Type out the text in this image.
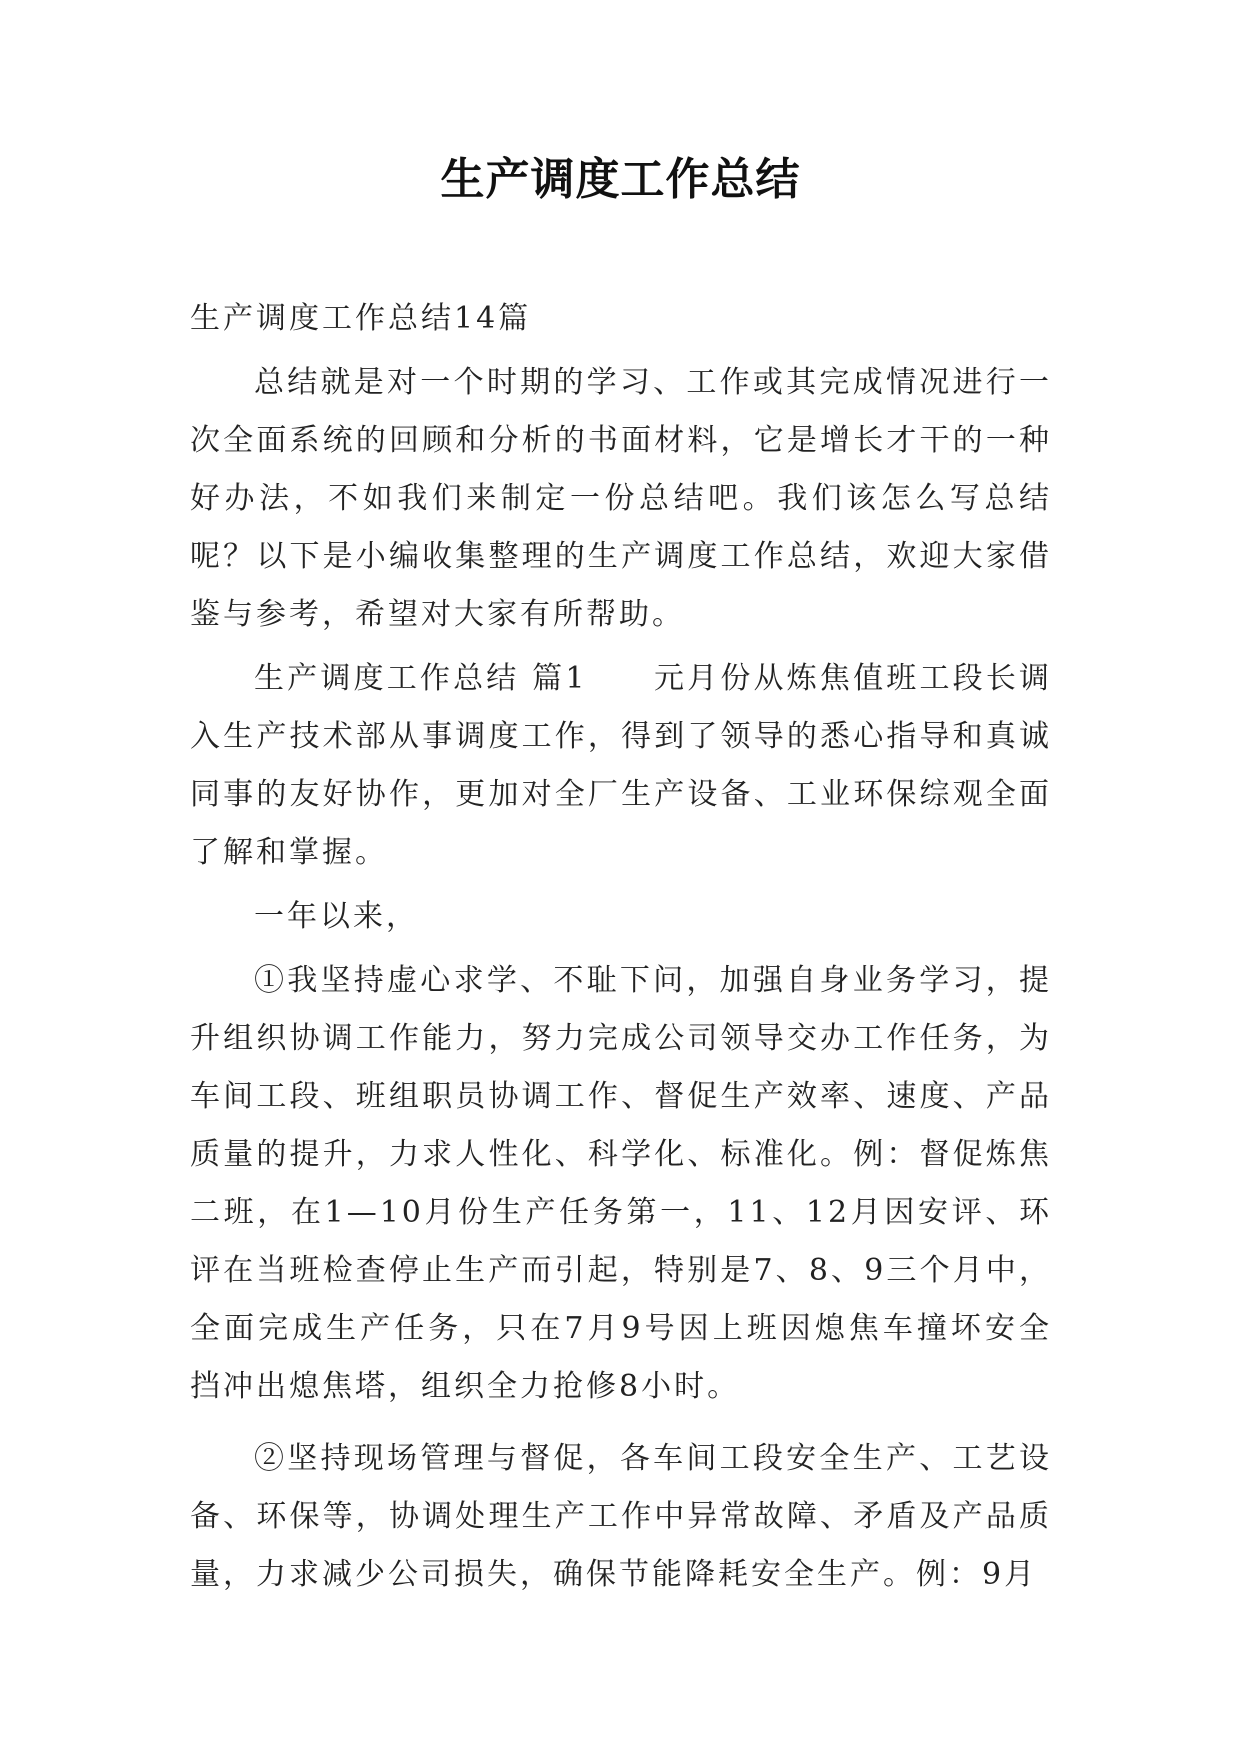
生产调度工作总结

生产调度工作总结14篇

总结就是对一个时期的学习、工作或其完成情况进行一次全面系统的回顾和分析的书面材料，它是增长才干的一种好办法，不如我们来制定一份总结吧。我们该怎么写总结呢？以下是小编收集整理的生产调度工作总结，欢迎大家借鉴与参考，希望对大家有所帮助。

生产调度工作总结 篇1　　元月份从炼焦值班工段长调入生产技术部从事调度工作，得到了领导的悉心指导和真诚同事的友好协作，更加对全厂生产设备、工业环保综观全面了解和掌握。

一年以来，

①我坚持虚心求学、不耻下问，加强自身业务学习，提升组织协调工作能力，努力完成公司领导交办工作任务，为车间工段、班组职员协调工作、督促生产效率、速度、产品质量的提升，力求人性化、科学化、标准化。例：督促炼焦二班，在1—10月份生产任务第一，11、12月因安评、环评在当班检查停止生产而引起，特别是7、8、9三个月中，全面完成生产任务，只在7月9号因上班因熄焦车撞坏安全挡冲出熄焦塔，组织全力抢修8小时。

②坚持现场管理与督促，各车间工段安全生产、工艺设备、环保等，协调处理生产工作中异常故障、矛盾及产品质量，力求减少公司损失，确保节能降耗安全生产。例：9月
